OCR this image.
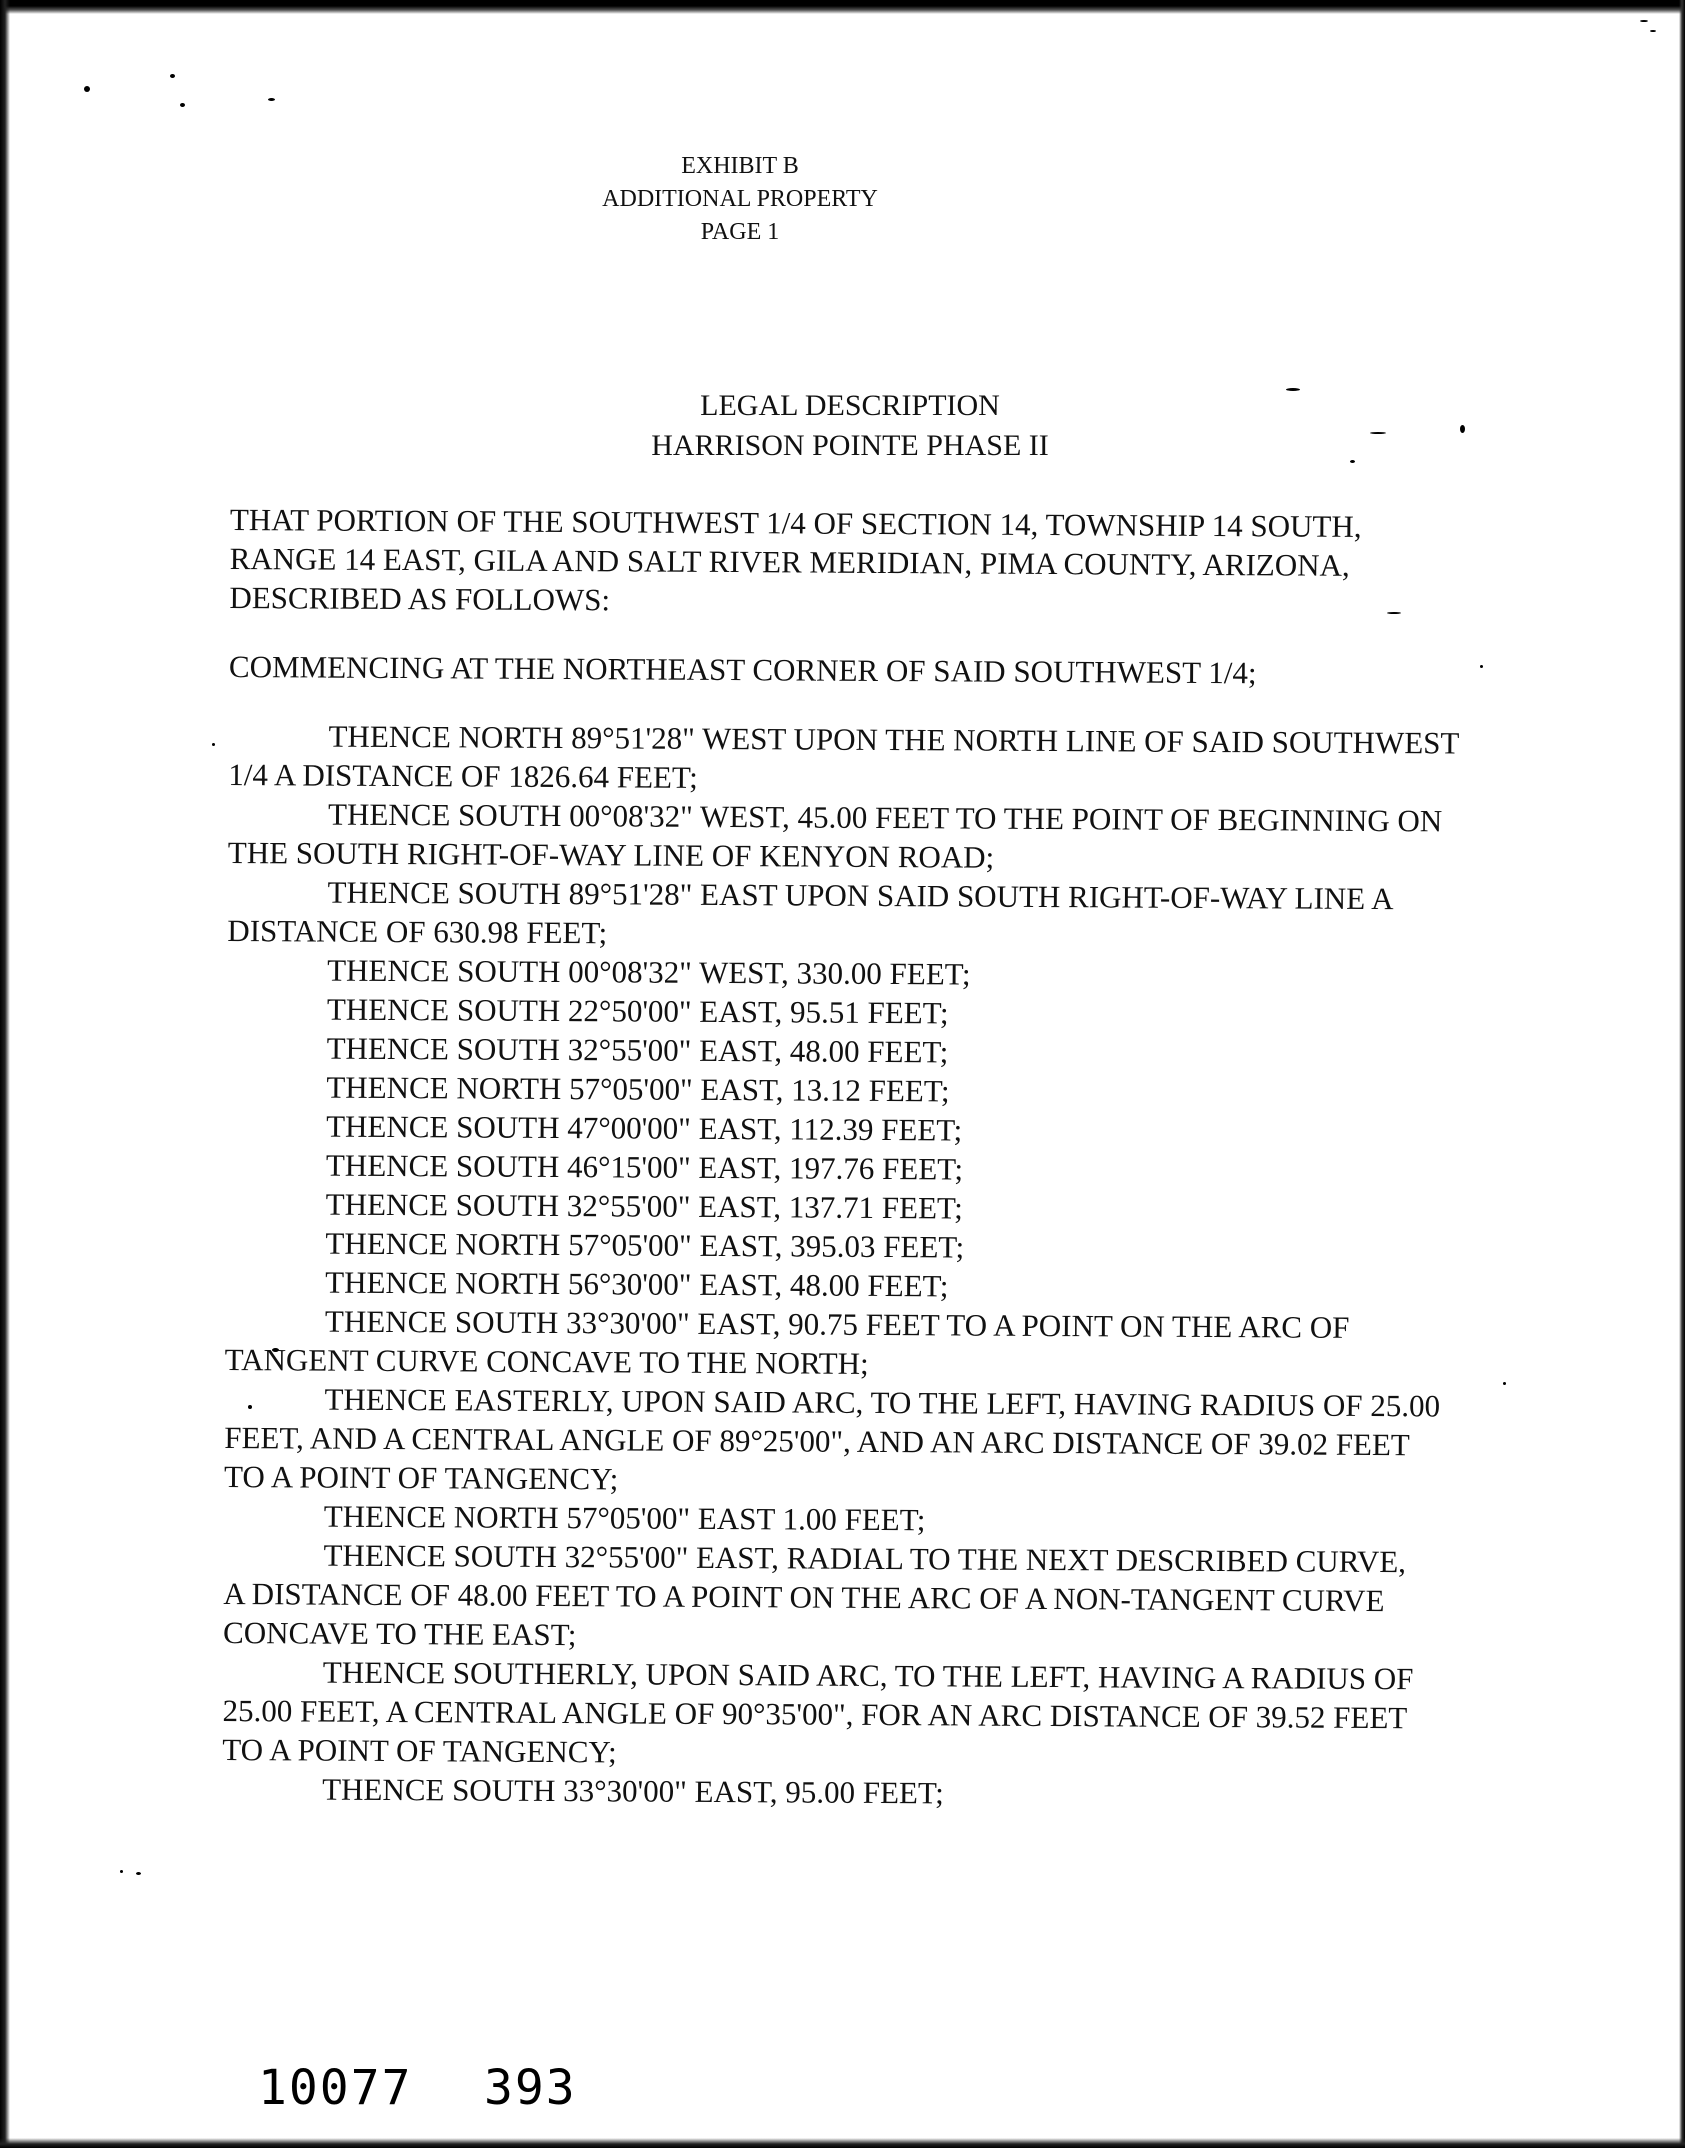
EXHIBIT B
ADDITIONAL PROPERTY
PAGE 1
LEGAL DESCRIPTION
HARRISON POINTE PHASE II
THAT PORTION OF THE SOUTHWEST 1/4 OF SECTION 14, TOWNSHIP 14 SOUTH,
RANGE 14 EAST, GILA AND SALT RIVER MERIDIAN, PIMA COUNTY, ARIZONA,
DESCRIBED AS FOLLOWS:
COMMENCING AT THE NORTHEAST CORNER OF SAID SOUTHWEST 1/4;
THENCE NORTH 89°51'28" WEST UPON THE NORTH LINE OF SAID SOUTHWEST
1/4 A DISTANCE OF 1826.64 FEET;
THENCE SOUTH 00°08'32" WEST, 45.00 FEET TO THE POINT OF BEGINNING ON
THE SOUTH RIGHT-OF-WAY LINE OF KENYON ROAD;
THENCE SOUTH 89°51'28" EAST UPON SAID SOUTH RIGHT-OF-WAY LINE A
DISTANCE OF 630.98 FEET;
THENCE SOUTH 00°08'32" WEST, 330.00 FEET;
THENCE SOUTH 22°50'00" EAST, 95.51 FEET;
THENCE SOUTH 32°55'00" EAST, 48.00 FEET;
THENCE NORTH 57°05'00" EAST, 13.12 FEET;
THENCE SOUTH 47°00'00" EAST, 112.39 FEET;
THENCE SOUTH 46°15'00" EAST, 197.76 FEET;
THENCE SOUTH 32°55'00" EAST, 137.71 FEET;
THENCE NORTH 57°05'00" EAST, 395.03 FEET;
THENCE NORTH 56°30'00" EAST, 48.00 FEET;
THENCE SOUTH 33°30'00" EAST, 90.75 FEET TO A POINT ON THE ARC OF
TANGENT CURVE CONCAVE TO THE NORTH;
THENCE EASTERLY, UPON SAID ARC, TO THE LEFT, HAVING RADIUS OF 25.00
FEET, AND A CENTRAL ANGLE OF 89°25'00", AND AN ARC DISTANCE OF 39.02 FEET
TO A POINT OF TANGENCY;
THENCE NORTH 57°05'00" EAST 1.00 FEET;
THENCE SOUTH 32°55'00" EAST, RADIAL TO THE NEXT DESCRIBED CURVE,
A DISTANCE OF 48.00 FEET TO A POINT ON THE ARC OF A NON-TANGENT CURVE
CONCAVE TO THE EAST;
THENCE SOUTHERLY, UPON SAID ARC, TO THE LEFT, HAVING A RADIUS OF
25.00 FEET, A CENTRAL ANGLE OF 90°35'00", FOR AN ARC DISTANCE OF 39.52 FEET
TO A POINT OF TANGENCY;
THENCE SOUTH 33°30'00" EAST, 95.00 FEET;
10077 393
